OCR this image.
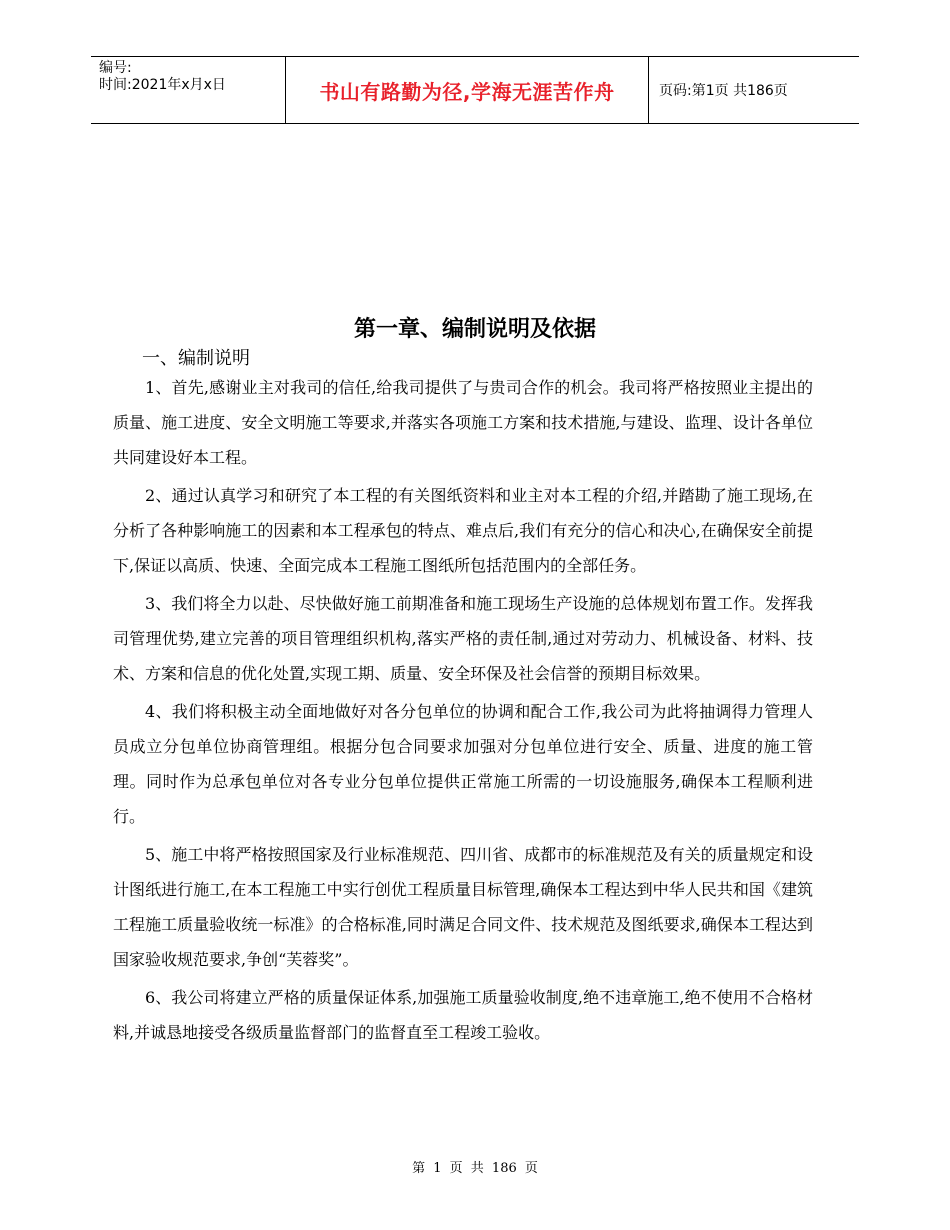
编号:
时间:2021年x月x日	书山有路勤为径,学海无涯苦作舟	页码:第1页 共186页
第一章、编制说明及依据
一、编制说明

1、首先,感谢业主对我司的信任,给我司提供了与贵司合作的机会。我司将严格按照业主提出的质量、施工进度、安全文明施工等要求,并落实各项施工方案和技术措施,与建设、监理、设计各单位共同建设好本工程。

2、通过认真学习和研究了本工程的有关图纸资料和业主对本工程的介绍,并踏勘了施工现场,在分析了各种影响施工的因素和本工程承包的特点、难点后,我们有充分的信心和决心,在确保安全前提下,保证以高质、快速、全面完成本工程施工图纸所包括范围内的全部任务。

3、我们将全力以赴、尽快做好施工前期准备和施工现场生产设施的总体规划布置工作。发挥我司管理优势,建立完善的项目管理组织机构,落实严格的责任制,通过对劳动力、机械设备、材料、技术、方案和信息的优化处置,实现工期、质量、安全环保及社会信誉的预期目标效果。

4、我们将积极主动全面地做好对各分包单位的协调和配合工作,我公司为此将抽调得力管理人员成立分包单位协商管理组。根据分包合同要求加强对分包单位进行安全、质量、进度的施工管理。同时作为总承包单位对各专业分包单位提供正常施工所需的一切设施服务,确保本工程顺利进行。

5、施工中将严格按照国家及行业标准规范、四川省、成都市的标准规范及有关的质量规定和设计图纸进行施工,在本工程施工中实行创优工程质量目标管理,确保本工程达到中华人民共和国《建筑工程施工质量验收统一标准》的合格标准,同时满足合同文件、技术规范及图纸要求,确保本工程达到国家验收规范要求,争创“芙蓉奖”。

6、我公司将建立严格的质量保证体系,加强施工质量验收制度,绝不违章施工,绝不使用不合格材料,并诚恳地接受各级质量监督部门的监督直至工程竣工验收。

第 1 页 共 186 页
